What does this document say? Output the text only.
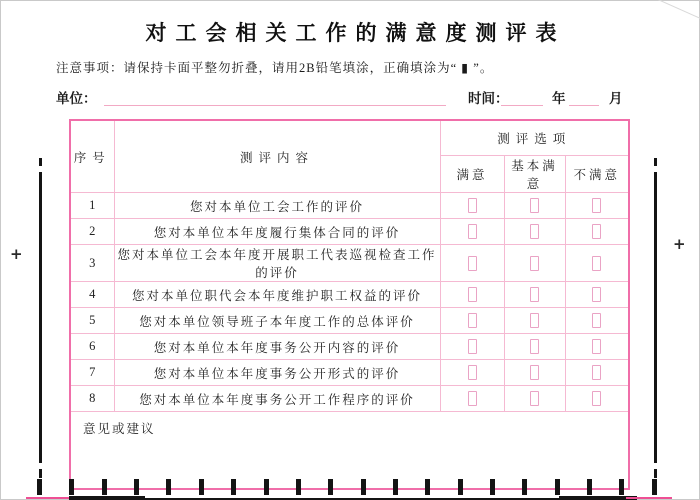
对工会相关工作的满意度测评表
注意事项：请保持卡面平整勿折叠，请用2B铅笔填涂，正确填涂为“ ▮ ”。
单位：	时间：	年	月
序号	测评内容	测评选项		
		满意	基本满意	不满意
1	您对本单位工会工作的评价			
2	您对本单位本年度履行集体合同的评价			
3	您对本单位工会本年度开展职工代表巡视检查工作的评价			
4	您对本单位职代会本年度维护职工权益的评价			
5	您对本单位领导班子本年度工作的总体评价			
6	您对本单位本年度事务公开内容的评价			
7	您对本单位本年度事务公开形式的评价			
8	您对本单位本年度事务公开工作程序的评价			
意见或建议				
+
+
